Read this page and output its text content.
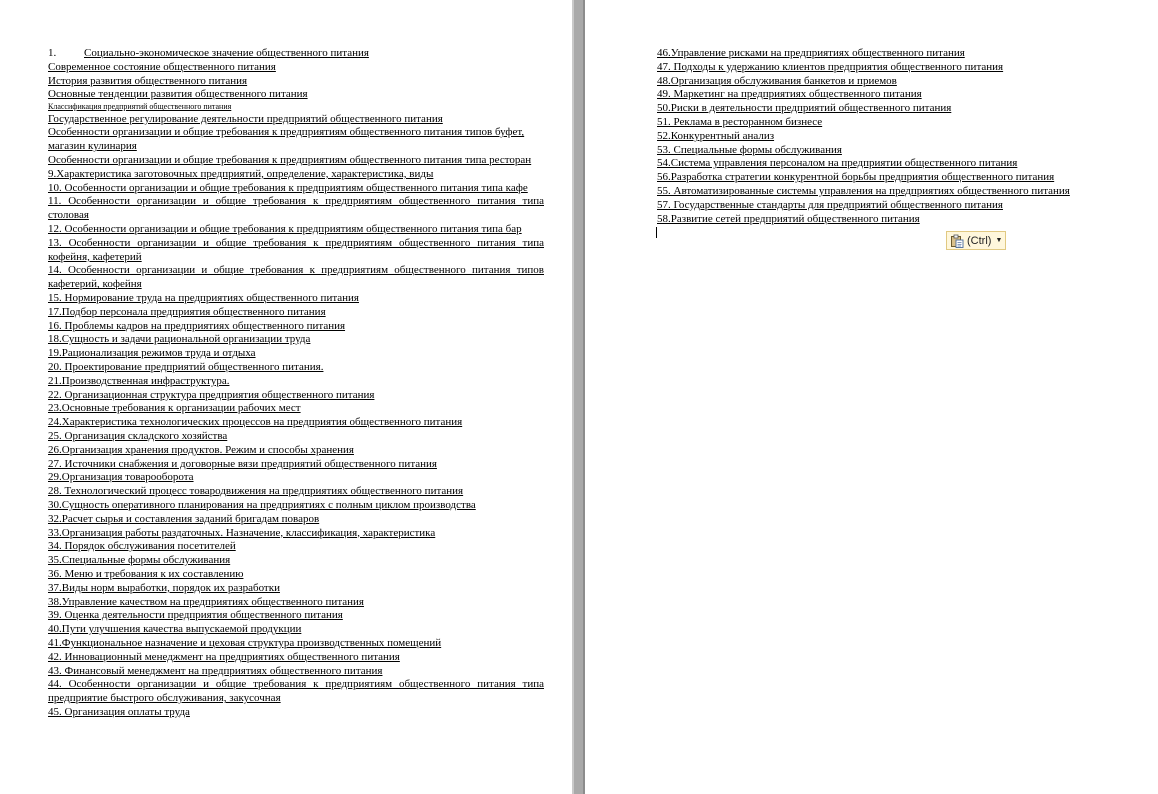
1.	Социально-экономическое значение общественного питания
Современное состояние общественного питания
История развития общественного питания
Основные тенденции развития общественного питания
Классификация предприятий общественного питания
Государственное регулирование деятельности предприятий общественного питания
Особенности организации и общие требования к предприятиям общественного питания типов буфет, магазин кулинария
Особенности организации и общие требования к предприятиям общественного питания типа ресторан
9.Характеристика заготовочных предприятий, определение, характеристика, виды
10. Особенности организации и общие требования к предприятиям общественного питания типа кафе
11. Особенности организации и общие требования к предприятиям общественного питания типа столовая
12. Особенности организации и общие требования к предприятиям общественного питания типа бар
13. Особенности организации и общие требования к предприятиям общественного питания типа кофейня, кафетерий
14. Особенности организации и общие требования к предприятиям общественного питания типов кафетерий, кофейня
15. Нормирование труда на предприятиях общественного питания
17.Подбор персонала предприятия общественного питания
16. Проблемы кадров на предприятиях общественного питания
18.Сущность и задачи рациональной организации труда
19.Рационализация режимов труда и отдыха
20. Проектирование предприятий общественного питания.
21.Производственная инфраструктура.
22. Организационная структура предприятия общественного питания
23.Основные требования к организации рабочих мест
24.Характеристика технологических процессов на предприятия общественного питания
25. Организация складского хозяйства
26.Организация хранения продуктов. Режим и способы хранения
27. Источники снабжения и договорные вязи предприятий общественного питания
29.Организация товарооборота
28. Технологический процесс товародвижения на предприятиях общественного питания
30.Сущность оперативного планирования на предприятиях с полным циклом производства
32.Расчет сырья и составления заданий бригадам поваров
33.Организация работы раздаточных. Назначение, классификация, характеристика
34. Порядок обслуживания посетителей
35.Специальные формы обслуживания
36. Меню и требования к их составлению
37.Виды норм выработки, порядок их разработки
38.Управление качеством на предприятиях общественного питания
39. Оценка деятельности предприятия общественного питания
40.Пути улучшения качества выпускаемой продукции
41.Функциональное назначение и цеховая структура производственных помещений
42. Инновационный менеджмент на предприятиях общественного питания
43. Финансовый менеджмент на предприятиях общественного питания
44. Особенности организации и общие требования к предприятиям общественного питания типа предприятие быстрого обслуживания, закусочная
45. Организация оплаты труда
46.Управление рисками на предприятиях общественного питания
47. Подходы к удержанию клиентов предприятия общественного питания
48.Организация обслуживания банкетов и приемов
49. Маркетинг на предприятиях общественного питания
50.Риски в деятельности предприятий общественного питания
51. Реклама в ресторанном бизнесе
52.Конкурентный анализ
53. Специальные формы обслуживания
54.Система управления персоналом на предприятии общественного питания
56.Разработка стратегии конкурентной борьбы предприятия общественного питания
55. Автоматизированные системы управления на предприятиях общественного питания
57. Государственные стандарты для предприятий общественного питания
58.Развитие сетей предприятий общественного питания
(Ctrl) ▼
